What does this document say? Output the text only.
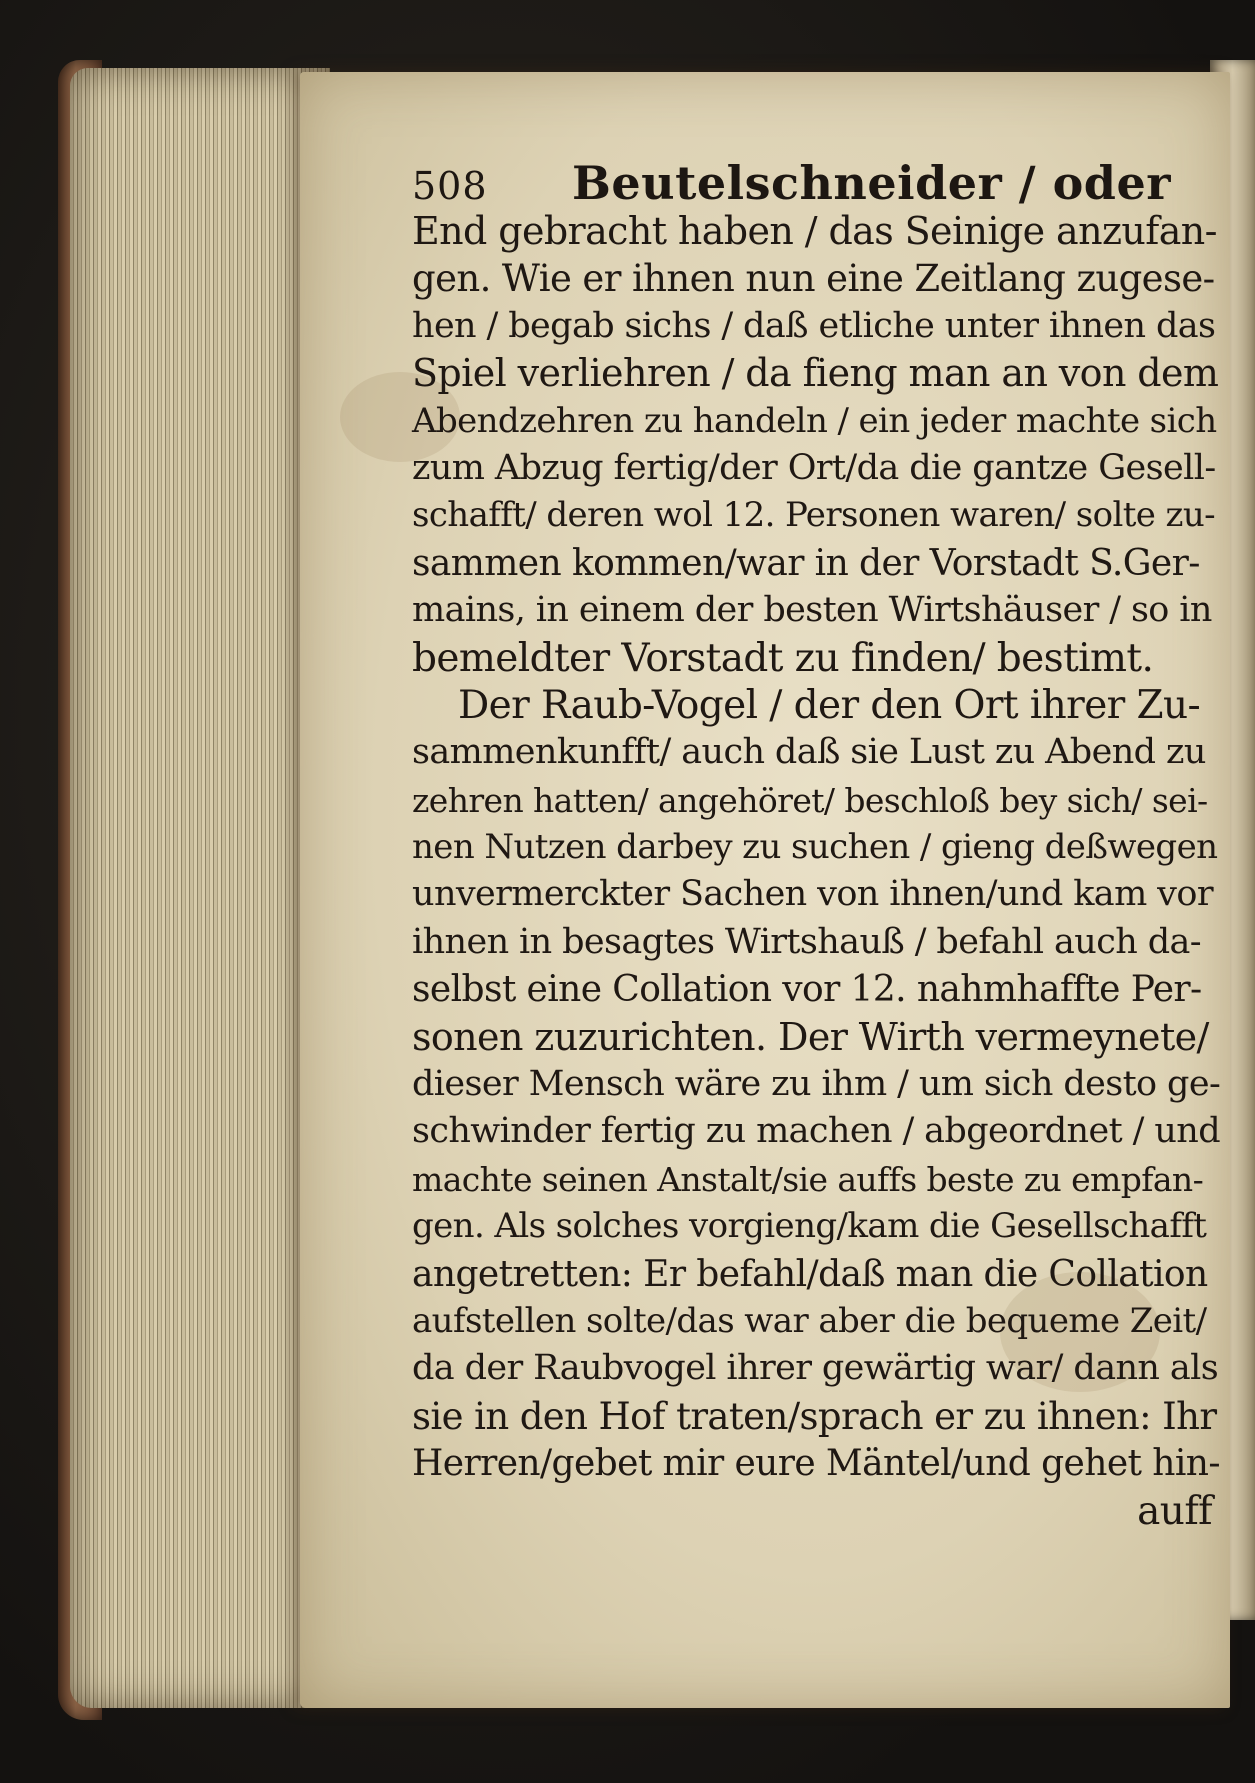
508 Beutelschneider / oder
End gebracht haben / das Seinige anzufan-
gen. Wie er ihnen nun eine Zeitlang zugese-
hen / begab sichs / daß etliche unter ihnen das
Spiel verliehren / da fieng man an von dem
Abendzehren zu handeln / ein jeder machte sich
zum Abzug fertig/der Ort/da die gantze Gesell-
schafft/ deren wol 12. Personen waren/ solte zu-
sammen kommen/war in der Vorstadt S.Ger-
mains, in einem der besten Wirtshäuser / so in
bemeldter Vorstadt zu finden/ bestimt.
Der Raub-Vogel / der den Ort ihrer Zu-
sammenkunfft/ auch daß sie Lust zu Abend zu
zehren hatten/ angehöret/ beschloß bey sich/ sei-
nen Nutzen darbey zu suchen / gieng deßwegen
unvermerckter Sachen von ihnen/und kam vor
ihnen in besagtes Wirtshauß / befahl auch da-
selbst eine Collation vor 12. nahmhaffte Per-
sonen zuzurichten. Der Wirth vermeynete/
dieser Mensch wäre zu ihm / um sich desto ge-
schwinder fertig zu machen / abgeordnet / und
machte seinen Anstalt/sie auffs beste zu empfan-
gen. Als solches vorgieng/kam die Gesellschafft
angetretten: Er befahl/daß man die Collation
aufstellen solte/das war aber die bequeme Zeit/
da der Raubvogel ihrer gewärtig war/ dann als
sie in den Hof traten/sprach er zu ihnen: Ihr
Herren/gebet mir eure Mäntel/und gehet hin-
auff
